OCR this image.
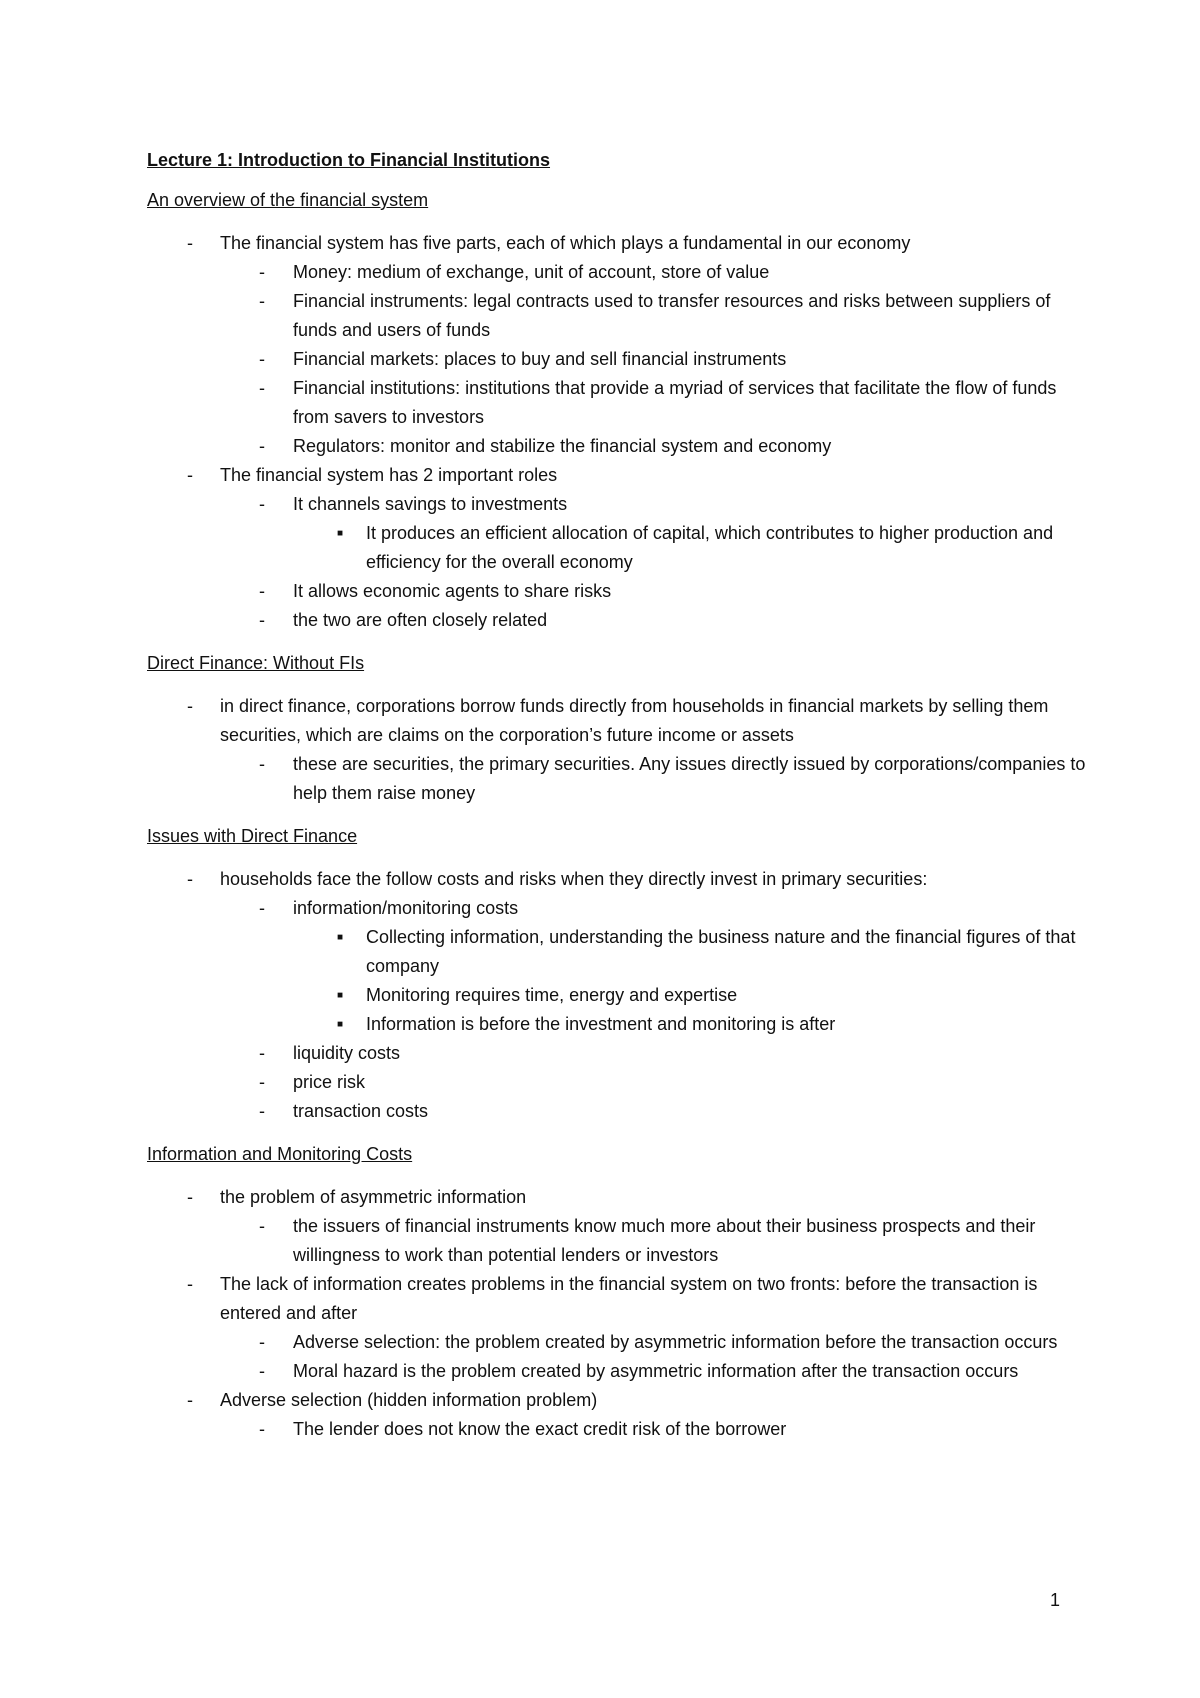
Lecture 1: Introduction to Financial Institutions
An overview of the financial system
- The financial system has five parts, each of which plays a fundamental in our economy
- Money: medium of exchange, unit of account, store of value
- Financial instruments: legal contracts used to transfer resources and risks between suppliers of funds and users of funds
- Financial markets: places to buy and sell financial instruments
- Financial institutions: institutions that provide a myriad of services that facilitate the flow of funds from savers to investors
- Regulators: monitor and stabilize the financial system and economy
- The financial system has 2 important roles
- It channels savings to investments
■ It produces an efficient allocation of capital, which contributes to higher production and efficiency for the overall economy
- It allows economic agents to share risks
- the two are often closely related
Direct Finance: Without FIs
- in direct finance, corporations borrow funds directly from households in financial markets by selling them securities, which are claims on the corporation’s future income or assets
- these are securities, the primary securities. Any issues directly issued by corporations/companies to help them raise money
Issues with Direct Finance
- households face the follow costs and risks when they directly invest in primary securities:
- information/monitoring costs
■ Collecting information, understanding the business nature and the financial figures of that company
■ Monitoring requires time, energy and expertise
■ Information is before the investment and monitoring is after
- liquidity costs
- price risk
- transaction costs
Information and Monitoring Costs
- the problem of asymmetric information
- the issuers of financial instruments know much more about their business prospects and their willingness to work than potential lenders or investors
- The lack of information creates problems in the financial system on two fronts: before the transaction is entered and after
- Adverse selection: the problem created by asymmetric information before the transaction occurs
- Moral hazard is the problem created by asymmetric information after the transaction occurs
- Adverse selection (hidden information problem)
- The lender does not know the exact credit risk of the borrower
1
